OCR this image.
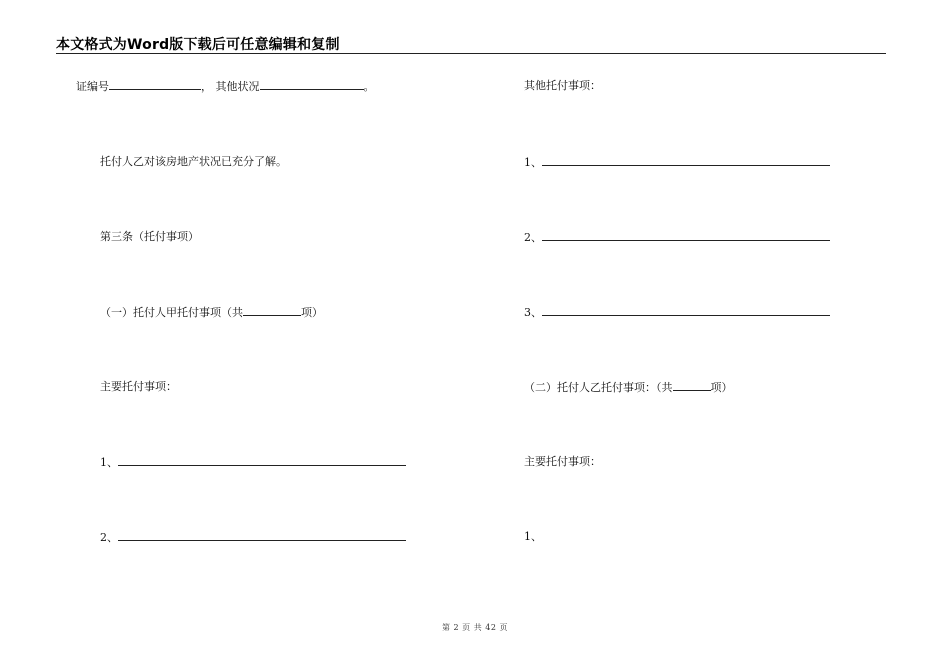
本文格式为Word版下载后可任意编辑和复制
证编号	， 其他状况	。
托付人乙对该房地产状况已充分了解。
第三条（托付事项）
（一）托付人甲托付事项（共	项）
主要托付事项：
1、
2、
其他托付事项：
1、
2、
3、
（二）托付人乙托付事项：（共	项）
主要托付事项：
1、
第 2 页 共 42 页
